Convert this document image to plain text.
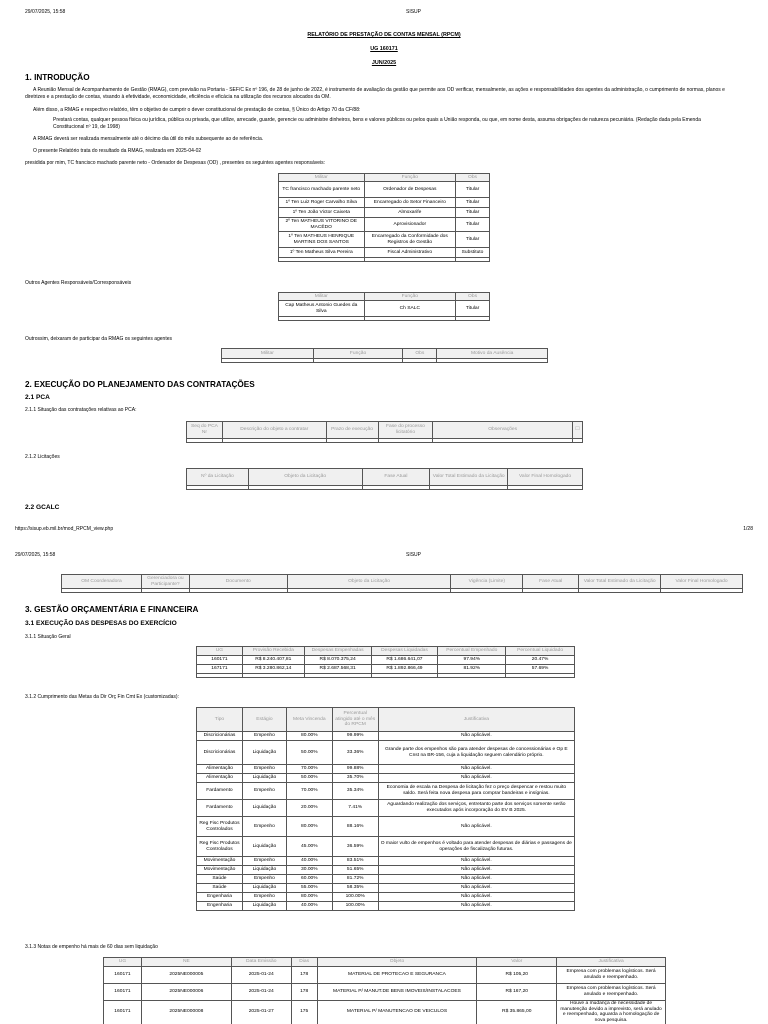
29/07/2025, 15:58	SISUP
RELATÓRIO DE PRESTAÇÃO DE CONTAS MENSAL (RPCM)
UG 160171
JUN/2025
1. INTRODUÇÃO
A Reunião Mensal de Acompanhamento de Gestão (RMAG), com previsão na Portaria - SEF/C Ex nº 196, de 28 de junho de 2022, é instrumento de avaliação da gestão que permite aos OD verificar, mensalmente, as ações e responsabilidades dos agentes da administração, o cumprimento de normas, planos e diretrizes e a prestação de contas, visando à efetividade, economicidade, eficiência e eficácia na utilização dos recursos alocados da OM.
Além disso, a RMAG e respectivo relatório, têm o objetivo de cumprir o dever constitucional de prestação de contas, § Único do Artigo 70 da CF/88:
Prestará contas, qualquer pessoa física ou jurídica, pública ou privada, que utilize, arrecade, guarde, gerencie ou administre dinheiros, bens e valores públicos ou pelos quais a União responda, ou que, em nome desta, assuma obrigações de natureza pecuniária. (Redação dada pela Emenda Constitucional nº 19, de 1998)
A RMAG deverá ser realizada mensalmente até o décimo dia útil do mês subsequente ao de referência.
O presente Relatório trata do resultado da RMAG, realizada em 2025-04-02
presidida por mim, TC francisco machado parente neto - Ordenador de Despesas (OD) , presentes os seguintes agentes responsáveis:
Militar	Função	Obs
TC francisco machado parente neto	Ordenador de Despesas	Titular
1º Ten Luiz Roger Carvalho Silva	Encarregado do Setor Financeiro	Titular
1º Ten João Victor Caixeta	Almoxarife	Titular
2º Ten MATHEUS VITORINO DE MACÊDO	Aprovisionador	Titular
1º Ten MATHEUS HENRIQUE MARTINS DOS SANTOS	Encarregado da Conformidade dos Registros de Gestão	Titular
1º Ten Matheus Silva Pereira	Fiscal Administrativo	Substituto

Outros Agentes Responsáveis/Corresponsáveis
Militar	Função	Obs
Cap Matheus Antonio Guedes da Silva	Ch SALC	Titular

Outrossim, deixaram de participar da RMAG os seguintes agentes
Militar	Função	Obs	Motivo da Ausência

2. EXECUÇÃO DO PLANEJAMENTO DAS CONTRATAÇÕES
2.1 PCA
2.1.1 Situação das contratações relativas ao PCA:
Seq do PCA Nr	Descrição do objeto a contratar	Prazo de execução	Fase do processo licitatório	Observações	☐

2.1.2 Licitações
Nº da Licitação	Objeto da Licitação	Fase Atual	Valor Total Estimado da Licitação	Valor Final Homologado

2.2 GCALC
https://sisup.eb.mil.br/mod_RPCM_view.php	1/28
29/07/2025, 15:58	SISUP
OM Coordenadora	Gerenciadora ou Participante?	Documento	Objeto da Licitação	Vigência (Limite)	Fase Atual	Valor Total Estimado da Licitação	Valor Final Homologado

3. GESTÃO ORÇAMENTÁRIA E FINANCEIRA
3.1 EXECUÇÃO DAS DESPESAS DO EXERCÍCIO
3.1.1 Situação Geral
UG	Provisão Recebida	Despesas Empenhadas	Despesas Liquidadas	Percentual Empenhado	Percentual Liquidado
160171	R$ 8.240.407,81	R$ 8.070.375,24	R$ 1.686.641,07	97.94%	20.47%
167171	R$ 3.280.862,14	R$ 2.687.568,31	R$ 1.892.866,49	81.92%	57.69%

3.1.2 Cumprimento das Metas da Dir Orç Fin Cmt Ex (customizadas):
Tipo	Estágio	Meta Vincenda	Percentual atingido até o mês do RPCM	Justificativa
Discricionárias	Empenho	80.00%	99.99%	Não aplicável.
Discricionárias	Liquidação	50.00%	33.36%	Grande parte dos empenhos são para atender despesas de concessionárias e Op E Cnst na BR-156, cuja a liquidação seguem calendário próprio.
Alimentação	Empenho	70.00%	99.88%	Não aplicável.
Alimentação	Liquidação	50.00%	35.70%	Não aplicável.
Fardamento	Empenho	70.00%	35.34%	Economia de escala na Despesa de licitação fez o preço despencar e restou muito saldo. Será feita nova despesa para comprar bandeiras e insígnias.
Fardamento	Liquidação	20.00%	7.41%	Aguardando realização dos serviços, entretanto parte dos serviços somente serão executados após incorporação do EV B 2025.
Reg Fisc Produtos Controlados	Empenho	80.00%	88.16%	Não aplicável.
Reg Fisc Produtos Controlados	Liquidação	45.00%	36.59%	O maior vulto de empenhos é voltado para atender despesas de diárias e passagens de operações de fiscalização futuras.
Movimentação	Empenho	40.00%	83.51%	Não aplicável.
Movimentação	Liquidação	30.00%	51.65%	Não aplicável.
Saúde	Empenho	60.00%	81.72%	Não aplicável.
Saúde	Liquidação	55.00%	58.35%	Não aplicável.
Engenharia	Empenho	80.00%	100.00%	Não aplicável.
Engenharia	Liquidação	40.00%	100.00%	Não aplicável.
3.1.3 Notas de empenho há mais de 60 dias sem liquidação
UG	NE	Data Emissão	Dias	Objeto	Valor	Justificativa
160171	2025NE000005	2025-01-24	178	MATERIAL DE PROTECAO E SEGURANCA	R$ 105,20	Empresa com problemas logísticos. Será anulado e reempenhado.
160171	2025NE000006	2025-01-24	178	MATERIAL P/ MANUT.DE BENS IMOVEIS/INSTALACOES	R$ 167,20	Empresa com problemas logísticos. Será anulado e reempenhado.
160171	2025NE000008	2025-01-27	175	MATERIAL P/ MANUTENCAO DE VEICULOS	R$ 35.865,00	Houve a mudança de necessidade de manutenção devido a imprevisto, será anulado e reempenhado, aguarda a homologação de nova pesquisa.
